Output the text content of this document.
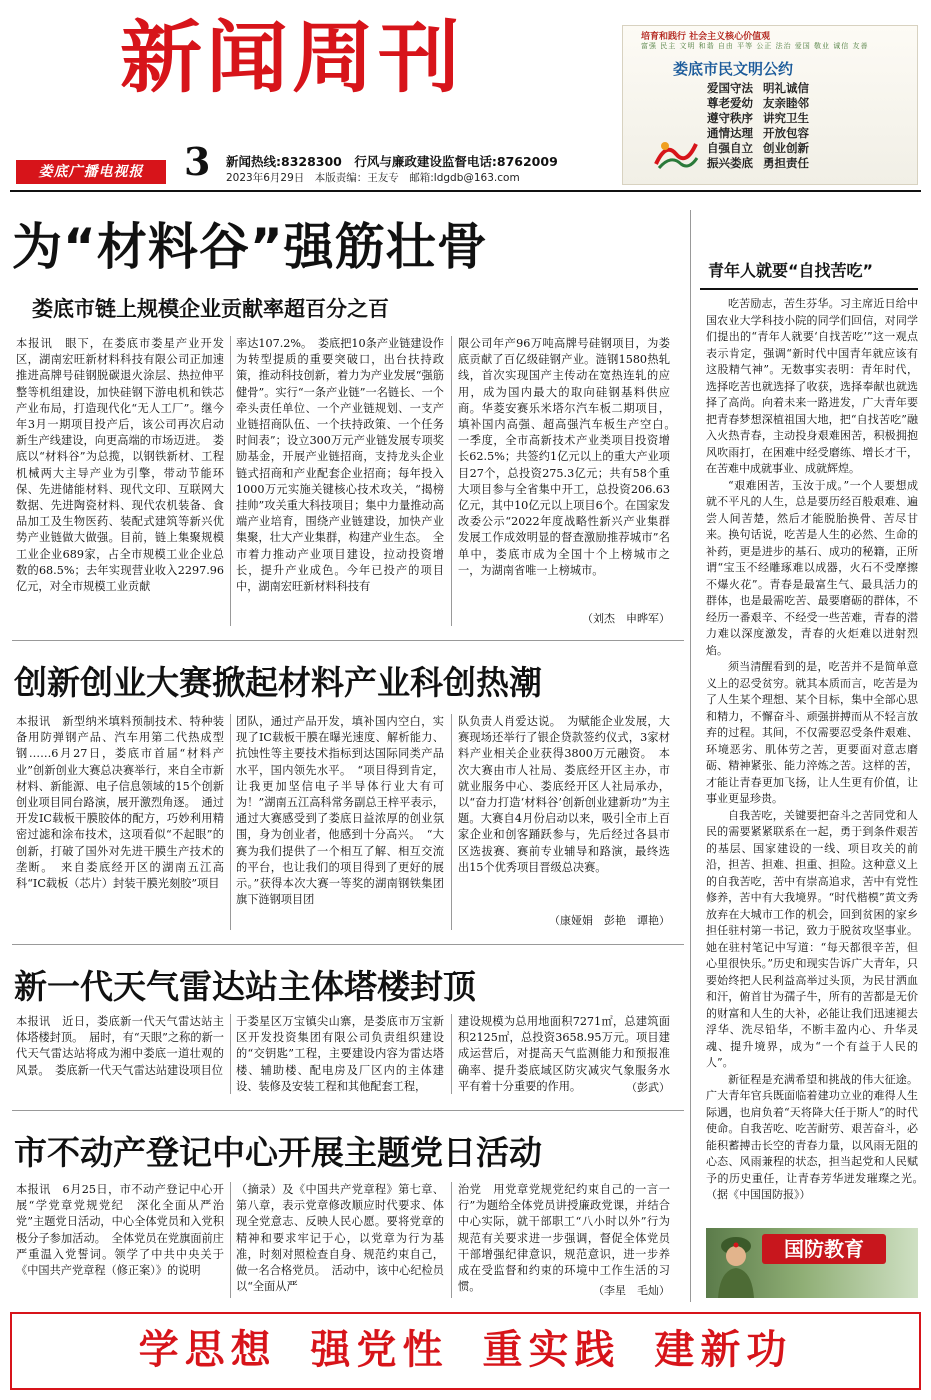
新闻周刊
娄底广播电视报	3 新闻热线:8328300　行风与廉政建设监督电话:8762009
2023年6月29日　本版责编：王友专　邮箱:ldgdb@163.com
培育和践行 社会主义核心价值观
富强 民主 文明 和谐 自由 平等 公正 法治 爱国 敬业 诚信 友善
娄底市民文明公约
爱国守法 明礼诚信
尊老爱幼 友亲睦邻
遵守秩序 讲究卫生
通情达理 开放包容
自强自立 创业创新
振兴娄底 勇担责任
为“材料谷”强筋壮骨
娄底市链上规模企业贡献率超百分之百
本报讯　眼下，在娄底市娄星产业开发区，湖南宏旺新材料科技有限公司正加速推进高牌号硅钢脱碳退火涂层、热拉伸平整等机组建设，加快硅钢下游电机和铁芯产业布局，打造现代化“无人工厂”。继今年3月一期项目投产后，该公司再次启动新生产线建设，向更高端的市场迈进。　娄底以“材料谷”为总揽，以钢铁新材、工程机械两大主导产业为引擎，带动节能环保、先进储能材料、现代文印、互联网大数据、先进陶瓷材料、现代农机装备、食品加工及生物医药、装配式建筑等新兴优势产业链做大做强。目前，链上集聚规模工业企业689家，占全市规模工业企业总数的68.5%；去年实现营业收入2297.96亿元，对全市规模工业贡献
率达107.2%。　娄底把10条产业链建设作为转型提质的重要突破口，出台扶持政策，推动科技创新，着力为产业发展“强筋健骨”。实行“一条产业链”一名链长、一个牵头责任单位、一个产业链规划、一支产业链招商队伍、一个扶持政策、一个任务时间表”；设立300万元产业链发展专项奖励基金，开展产业链招商，支持龙头企业链式招商和产业配套企业招商；每年投入1000万元实施关键核心技术攻关，“揭榜挂帅”攻关重大科技项目；集中力量推动高端产业培育，围绕产业链建设，加快产业集聚，壮大产业集群，构建产业生态。　全市着力推动产业项目建设，拉动投资增长，提升产业成色。今年已投产的项目中，湖南宏旺新材料科技有
限公司年产96万吨高牌号硅钢项目，为娄底贡献了百亿级硅钢产业。涟钢1580热轧线，首次实现国产主传动在宽热连轧的应用，成为国内最大的取向硅钢基料供应商。华菱安赛乐米塔尔汽车板二期项目，填补国内高强、超高强汽车板生产空白。　一季度，全市高新技术产业类项目投资增长62.5%；共签约1亿元以上的重大产业项目27个，总投资275.3亿元；共有58个重大项目参与全省集中开工，总投资206.63亿元，其中10亿元以上项目6个。在国家发改委公示“2022年度战略性新兴产业集群发展工作成效明显的督查激励推荐城市”名单中，娄底市成为全国十个上榜城市之一，为湖南省唯一上榜城市。
（刘杰　申晔军）
创新创业大赛掀起材料产业科创热潮
本报讯　新型纳米填料预制技术、特种装备用防弹钢产品、汽车用第二代热成型钢……6月27日，娄底市首届“材料产业”创新创业大赛总决赛举行，来自全市新材料、新能源、电子信息领域的15个创新创业项目同台路演，展开激烈角逐。　通过开发IC载板干膜胶体的配方，巧妙利用精密过滤和涂布技术，这项看似“不起眼”的创新，打破了国外对先进干膜生产技术的垄断。　来自娄底经开区的湖南五江高科“IC载板（芯片）封装干膜光刻胶”项目
团队，通过产品开发，填补国内空白，实现了IC载板干膜在曝光速度、解析能力、抗蚀性等主要技术指标到达国际同类产品水平，国内领先水平。　“项目得到肯定，让我更加坚信电子半导体行业大有可为！”湖南五江高科常务副总王梓平表示，通过大赛感受到了娄底日益浓厚的创业氛围，身为创业者，他感到十分高兴。　“大赛为我们提供了一个相互了解、相互交流的平台，也让我们的项目得到了更好的展示。”获得本次大赛一等奖的湖南钢铁集团旗下涟钢项目团
队负责人肖爱达说。　为赋能企业发展，大赛现场还举行了银企贷款签约仪式，3家材料产业相关企业获得3800万元融资。　本次大赛由市人社局、娄底经开区主办，市就业服务中心、娄底经开区人社局承办，以“奋力打造‘材料谷’创新创业建新功”为主题。大赛自4月份启动以来，吸引全市上百家企业和创客踊跃参与，先后经过各县市区选拔赛、赛前专业辅导和路演，最终选出15个优秀项目晋级总决赛。
（康娅娟　彭艳　谭艳）
新一代天气雷达站主体塔楼封顶
本报讯　近日，娄底新一代天气雷达站主体塔楼封顶。　届时，有“天眼”之称的新一代天气雷达站将成为湘中娄底一道壮观的风景。　娄底新一代天气雷达站建设项目位
于娄星区万宝镇尖山寨，是娄底市万宝新区开发投资集团有限公司负责组织建设的“交钥匙”工程，主要建设内容为雷达塔楼、辅助楼、配电房及厂区内的主体建设、装修及安装工程和其他配套工程，
建设规模为总用地面积7271㎡，总建筑面积2125㎡，总投资3658.95万元。项目建成运营后，对提高天气监测能力和预报准确率、提升娄底域区防灾减灾气象服务水平有着十分重要的作用。	（彭武）
市不动产登记中心开展主题党日活动
本报讯　6月25日，市不动产登记中心开展“学党章党规党纪　深化全面从严治党”主题党日活动，中心全体党员和入党积极分子参加活动。　全体党员在党旗面前庄严重温入党誓词。领学了中共中央关于《中国共产党章程（修正案）》的说明
（摘录）及《中国共产党章程》第七章、第八章，表示党章修改顺应时代要求、体现全党意志、反映人民心愿。要将党章的精神和要求牢记于心，以党章为行为基准，时刻对照检查自身、规范约束自己，做一名合格党员。　活动中，该中心纪检员以“全面从严
治党　用党章党规党纪约束自己的一言一行”为题给全体党员讲授廉政党课，并结合中心实际，就干部职工“八小时以外”行为规范有关要求进一步强调，督促全体党员干部增强纪律意识，规范意识，进一步养成在受监督和约束的环境中工作生活的习惯。	（李星　毛灿）
青年人就要“自找苦吃”

吃苦励志，苦生芬华。习主席近日给中国农业大学科技小院的同学们回信，对同学们提出的“青年人就要‘自找苦吃’”这一观点表示肯定，强调“新时代中国青年就应该有这股精气神”。无数事实表明：青年时代，选择吃苦也就选择了收获，选择奉献也就选择了高尚。向着未来一路进发，广大青年要把青春梦想深植祖国大地，把“自找苦吃”融入火热青春，主动投身艰难困苦，积极拥抱风吹雨打，在困难中经受磨练、增长才干，在苦难中成就事业、成就辉煌。

“艰难困苦，玉汝于成。”一个人要想成就不平凡的人生，总是要历经百般艰难、遍尝人间苦楚，然后才能脱胎换骨、苦尽甘来。换句话说，吃苦是人生的必然、生命的补药，更是进步的基石、成功的秘籍，正所谓“宝玉不经雕琢难以成器，火石不受摩擦不爆火花”。青春是最富生气、最具活力的群体，也是最需吃苦、最要磨砺的群体，不经历一番艰辛、不经受一些苦难，青春的潜力难以深度激发，青春的火炬难以迸射烈焰。

须当清醒看到的是，吃苦并不是简单意义上的忍受贫穷。就其本质而言，吃苦是为了人生某个理想、某个目标，集中全部心思和精力，不懈奋斗、顽强拼搏而从不轻言放弃的过程。其间，不仅需要忍受条件艰难、环境恶劣、肌体劳之苦，更要面对意志磨砺、精神紧张、能力淬炼之苦。这样的苦，才能让青春更加飞扬，让人生更有价值，让事业更显珍贵。

自我苦吃，关键要把奋斗之苦同党和人民的需要紧紧联系在一起，勇于到条件艰苦的基层、国家建设的一线、项目攻关的前沿，担苦、担难、担重、担险。这种意义上的自我苦吃，苦中有崇高追求，苦中有党性修养，苦中有大我境界。“时代楷模”黄文秀放弃在大城市工作的机会，回到贫困的家乡担任驻村第一书记，致力于脱贫攻坚事业。她在驻村笔记中写道：“每天都很辛苦，但心里很快乐。”历史和现实告诉广大青年，只要始终把人民利益高举过头顶，为民甘洒血和汗，俯首甘为孺子牛，所有的苦都是无价的财富和人生的大补，必能让我们迅速褪去浮华、洗尽铅华，不断丰盈内心、升华灵魂、提升境界，成为“一个有益于人民的人”。

新征程是充满希望和挑战的伟大征途。广大青年官兵既面临着建功立业的难得人生际遇，也肩负着“天将降大任于斯人”的时代使命。自我苦吃、吃苦耐劳、艰苦奋斗，必能积蓄搏击长空的青春力量，以风雨无阻的心态、风雨兼程的状态，担当起党和人民赋予的历史重任，让青春芳华迸发璀璨之光。　（据《中国国防报》）

国防教育
学思想 强党性 重实践 建新功
